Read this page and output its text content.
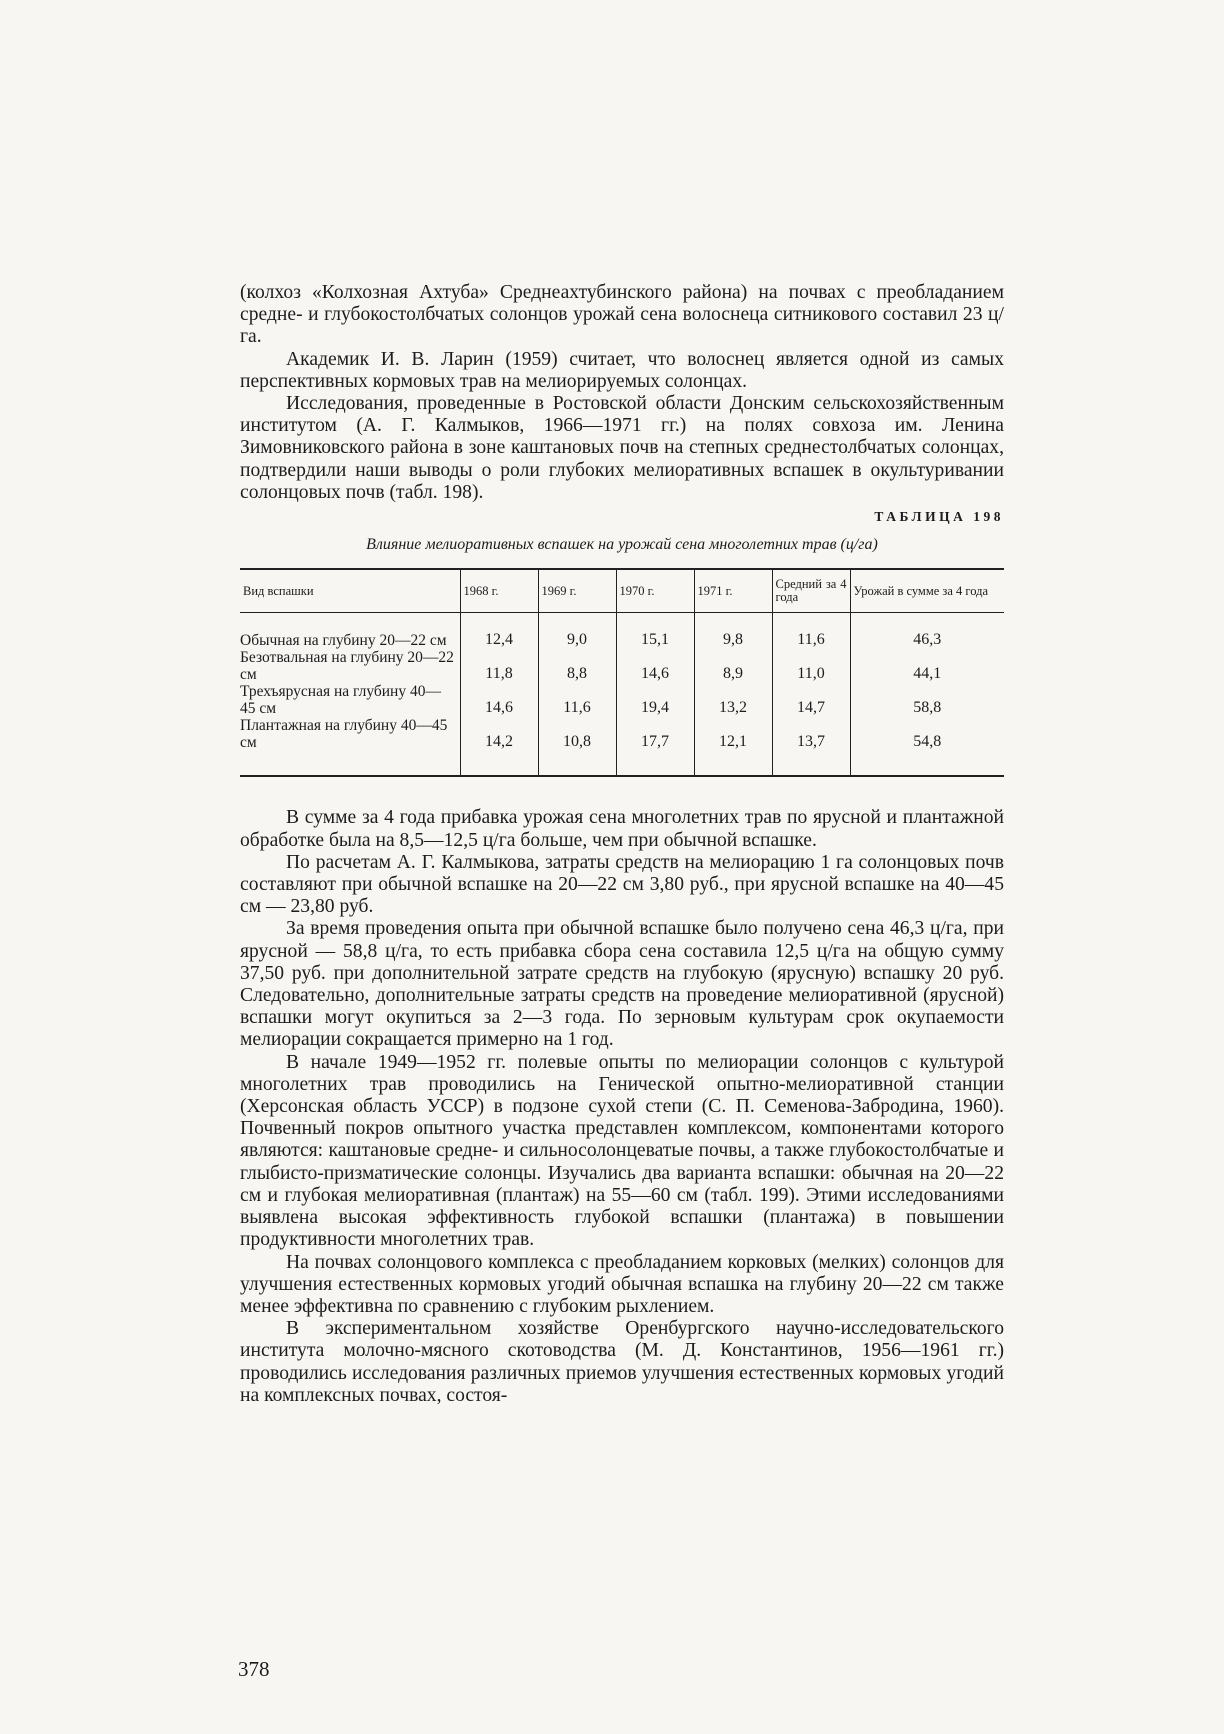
(колхоз «Колхозная Ахтуба» Среднеахтубинского района) на почвах с преобладанием средне- и глубокостолбчатых солонцов урожай сена волоснеца ситникового составил 23 ц/га.

Академик И. В. Ларин (1959) считает, что волоснец является одной из самых перспективных кормовых трав на мелиорируемых солонцах.

Исследования, проведенные в Ростовской области Донским сельскохозяйственным институтом (А. Г. Калмыков, 1966—1971 гг.) на полях совхоза им. Ленина Зимовниковского района в зоне каштановых почв на степных среднестолбчатых солонцах, подтвердили наши выводы о роли глубоких мелиоративных вспашек в окультуривании солонцовых почв (табл. 198).

ТАБЛИЦА 198
Влияние мелиоративных вспашек на урожай сена многолетних трав (ц/га)
Вид вспашки	1968 г.	1969 г.	1970 г.	1971 г.	Средний за 4 года	Урожай в сумме за 4 года
Обычная на глубину 20—22 см	12,4	9,0	15,1	9,8	11,6	46,3
Безотвальная на глубину 20—22 см	11,8	8,8	14,6	8,9	11,0	44,1
Трехъярусная на глубину 40—45 см	14,6	11,6	19,4	13,2	14,7	58,8
Плантажная на глубину 40—45 см	14,2	10,8	17,7	12,1	13,7	54,8

В сумме за 4 года прибавка урожая сена многолетних трав по ярусной и плантажной обработке была на 8,5—12,5 ц/га больше, чем при обычной вспашке.

По расчетам А. Г. Калмыкова, затраты средств на мелиорацию 1 га солонцовых почв составляют при обычной вспашке на 20—22 см 3,80 руб., при ярусной вспашке на 40—45 см — 23,80 руб.

За время проведения опыта при обычной вспашке было получено сена 46,3 ц/га, при ярусной — 58,8 ц/га, то есть прибавка сбора сена составила 12,5 ц/га на общую сумму 37,50 руб. при дополнительной затрате средств на глубокую (ярусную) вспашку 20 руб. Следовательно, дополнительные затраты средств на проведение мелиоративной (ярусной) вспашки могут окупиться за 2—3 года. По зерновым культурам срок окупаемости мелиорации сокращается примерно на 1 год.

В начале 1949—1952 гг. полевые опыты по мелиорации солонцов с культурой многолетних трав проводились на Генической опытно-мелиоративной станции (Херсонская область УССР) в подзоне сухой степи (С. П. Семенова-Забродина, 1960). Почвенный покров опытного участка представлен комплексом, компонентами которого являются: каштановые средне- и сильносолонцеватые почвы, а также глубокостолбчатые и глыбисто-призматические солонцы. Изучались два варианта вспашки: обычная на 20—22 см и глубокая мелиоративная (плантаж) на 55—60 см (табл. 199). Этими исследованиями выявлена высокая эффективность глубокой вспашки (плантажа) в повышении продуктивности многолетних трав.

На почвах солонцового комплекса с преобладанием корковых (мелких) солонцов для улучшения естественных кормовых угодий обычная вспашка на глубину 20—22 см также менее эффективна по сравнению с глубоким рыхлением.

В экспериментальном хозяйстве Оренбургского научно-исследовательского института молочно-мясного скотоводства (М. Д. Константинов, 1956—1961 гг.) проводились исследования различных приемов улучшения естественных кормовых угодий на комплексных почвах, состоя-

378
